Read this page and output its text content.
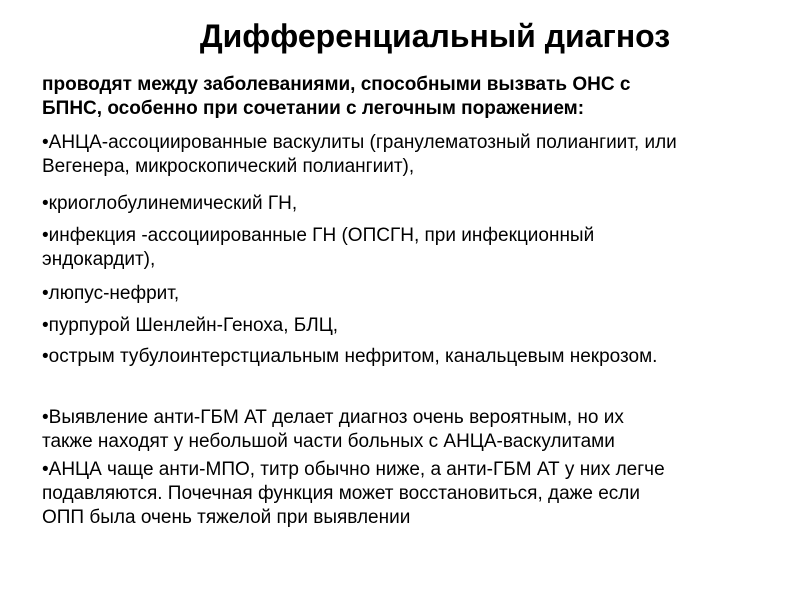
Дифференциальный диагноз
проводят между заболеваниями, способными вызвать ОНС с
БПНС, особенно при сочетании с легочным поражением:
•АНЦА-ассоциированные васкулиты (гранулематозный полиангиит, или
Вегенера, микроскопический полиангиит),
•криоглобулинемический ГН,
•инфекция -ассоциированные ГН (ОПСГН, при инфекционный
эндокардит),
•люпус-нефрит,
•пурпурой Шенлейн-Геноха, БЛЦ,
•острым тубулоинтерстциальным нефритом, канальцевым некрозом.
•Выявление анти-ГБМ АТ делает диагноз очень вероятным, но их
также находят у небольшой части больных с АНЦА-васкулитами
•АНЦА чаще анти-МПО, титр обычно ниже, а анти-ГБМ АТ у них легче
подавляются. Почечная функция может восстановиться, даже если
ОПП была очень тяжелой при выявлении
